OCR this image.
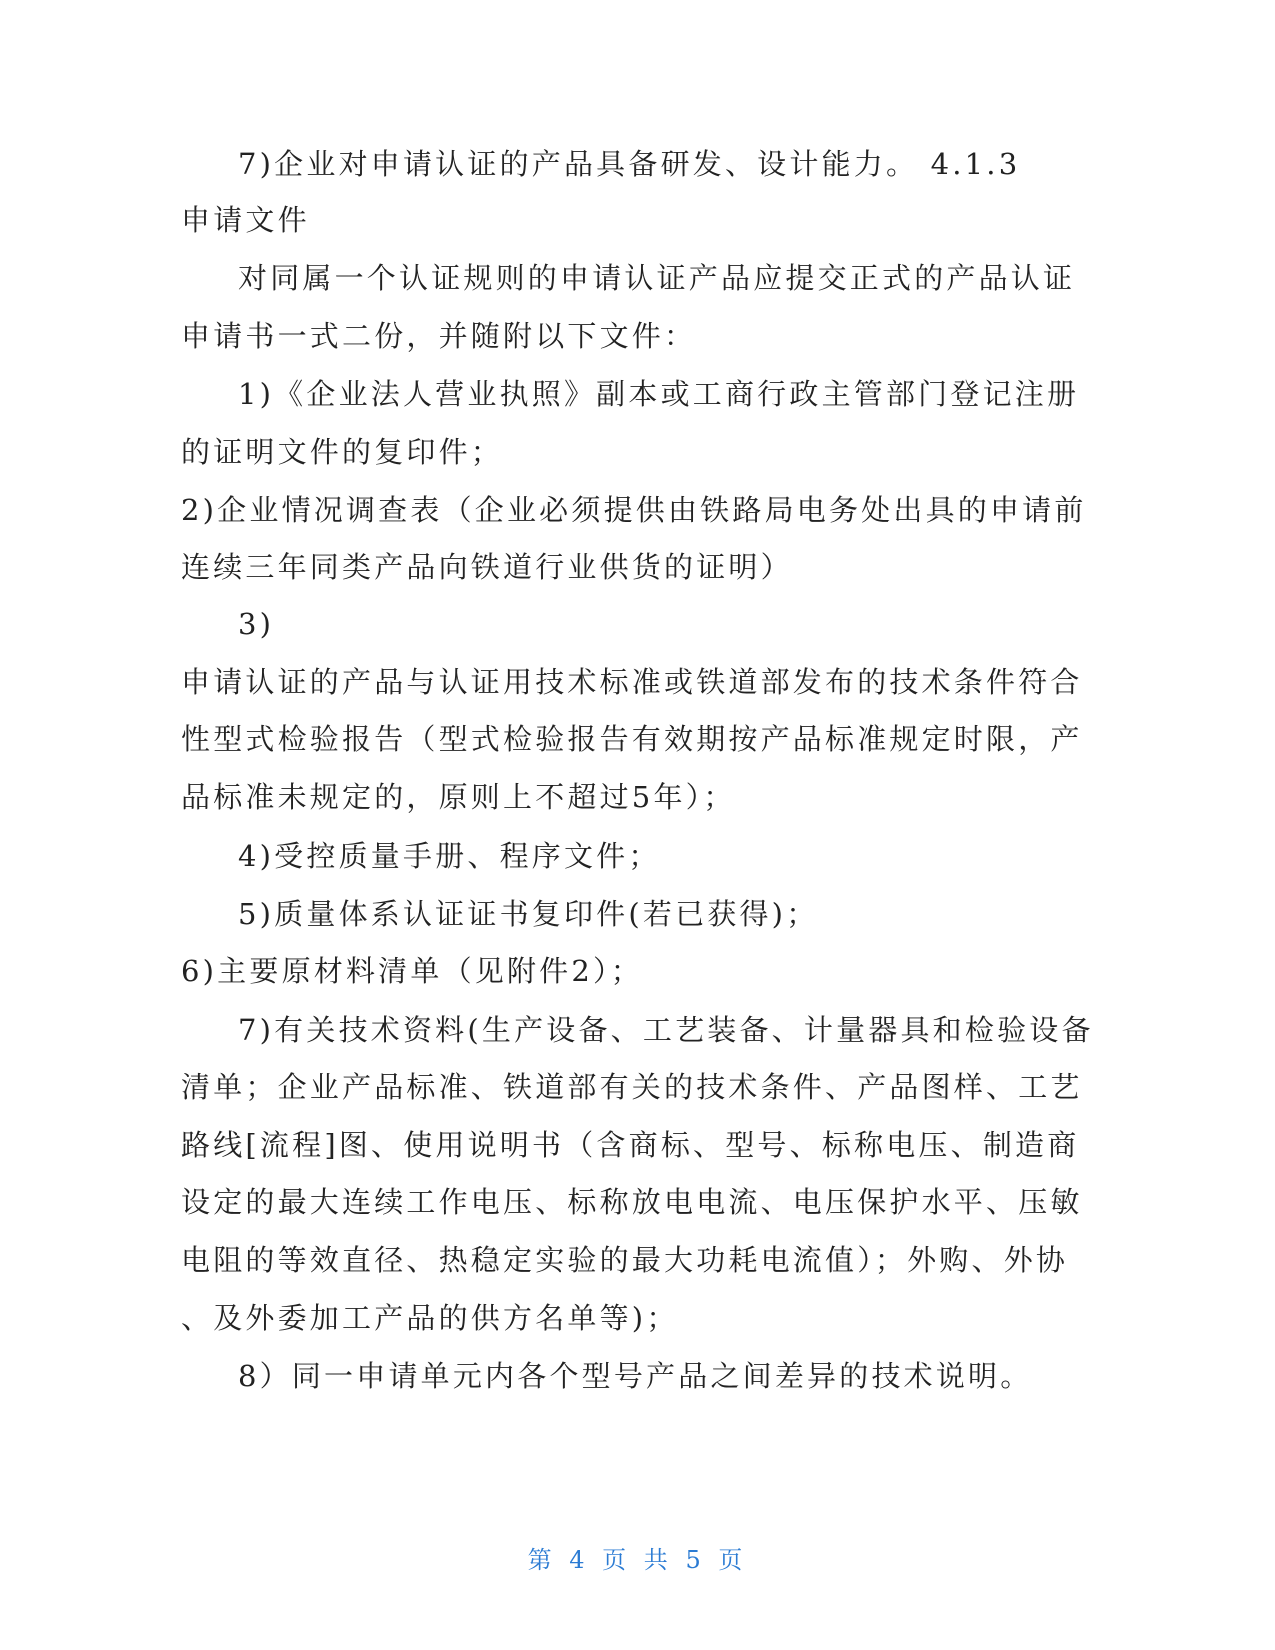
7)企业对申请认证的产品具备研发、设计能力。 4.1.3
申请文件
对同属一个认证规则的申请认证产品应提交正式的产品认证
申请书一式二份，并随附以下文件：
1)《企业法人营业执照》副本或工商行政主管部门登记注册
的证明文件的复印件；
2)企业情况调查表（企业必须提供由铁路局电务处出具的申请前
连续三年同类产品向铁道行业供货的证明）
3)
申请认证的产品与认证用技术标准或铁道部发布的技术条件符合
性型式检验报告（型式检验报告有效期按产品标准规定时限，产
品标准未规定的，原则上不超过5年）；
4)受控质量手册、程序文件；
5)质量体系认证证书复印件(若已获得)；
6)主要原材料清单（见附件2）；
7)有关技术资料(生产设备、工艺装备、计量器具和检验设备
清单；企业产品标准、铁道部有关的技术条件、产品图样、工艺
路线[流程]图、使用说明书（含商标、型号、标称电压、制造商
设定的最大连续工作电压、标称放电电流、电压保护水平、压敏
电阻的等效直径、热稳定实验的最大功耗电流值）；外购、外协
、及外委加工产品的供方名单等)；
8）同一申请单元内各个型号产品之间差异的技术说明。
第 4 页 共 5 页
